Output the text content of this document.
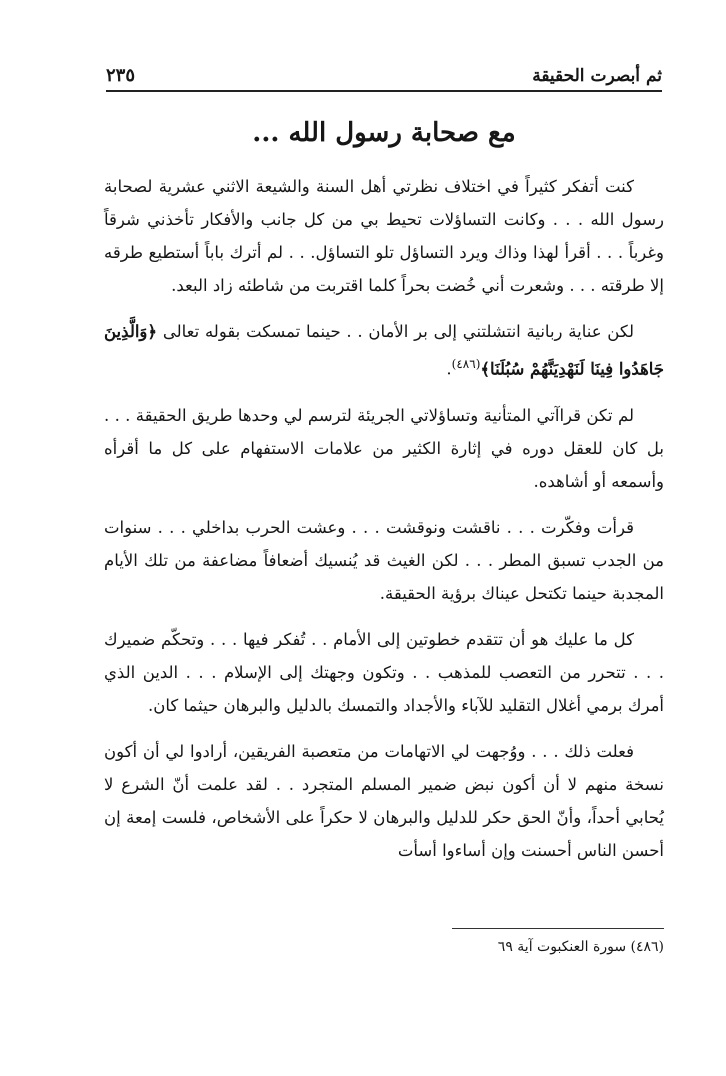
ثم أبصرت الحقيقة
٢٣٥
مع صحابة رسول الله ...

كنت أتفكر كثيراً في اختلاف نظرتي أهل السنة والشيعة الاثني عشرية لصحابة رسول الله . . . وكانت التساؤلات تحيط بي من كل جانب والأفكار تأخذني شرقاً وغرباً . . . أقرأ لهذا وذاك ويرد التساؤل تلو التساؤل. . . لم أترك باباً أستطيع طرقه إلا طرقته . . . وشعرت أني خُضت بحراً كلما اقتربت من شاطئه زاد البعد.

لكن عناية ربانية انتشلتني إلى بر الأمان . . حينما تمسكت بقوله تعالى ﴿وَالَّذِينَ جَاهَدُوا فِينَا لَنَهْدِيَنَّهُمْ سُبُلَنَا﴾$^{(٤٨٦)}$.

لم تكن قراآتي المتأنية وتساؤلاتي الجريئة لترسم لي وحدها طريق الحقيقة . . . بل كان للعقل دوره في إثارة الكثير من علامات الاستفهام على كل ما أقرأه وأسمعه أو أشاهده.

قرأت وفكّرت . . . ناقشت ونوقشت . . . وعشت الحرب بداخلي . . . سنوات من الجدب تسبق المطر . . . لكن الغيث قد يُنسيك أضعافاً مضاعفة من تلك الأيام المجدبة حينما تكتحل عيناك برؤية الحقيقة.

كل ما عليك هو أن تتقدم خطوتين إلى الأمام . . تُفكر فيها . . . وتحكّم ضميرك . . . تتحرر من التعصب للمذهب . . وتكون وجهتك إلى الإسلام . . . الدين الذي أمرك برمي أغلال التقليد للآباء والأجداد والتمسك بالدليل والبرهان حيثما كان.

فعلت ذلك . . . ووُجهت لي الاتهامات من متعصبة الفريقين، أرادوا لي أن أكون نسخة منهم لا أن أكون نبض ضمير المسلم المتجرد . . لقد علمت أنّ الشرع لا يُحابي أحداً، وأنّ الحق حكر للدليل والبرهان لا حكراً على الأشخاص، فلست إمعة إن أحسن الناس أحسنت وإن أساءوا أسأت

(٤٨٦) سورة العنكبوت آية ٦٩
